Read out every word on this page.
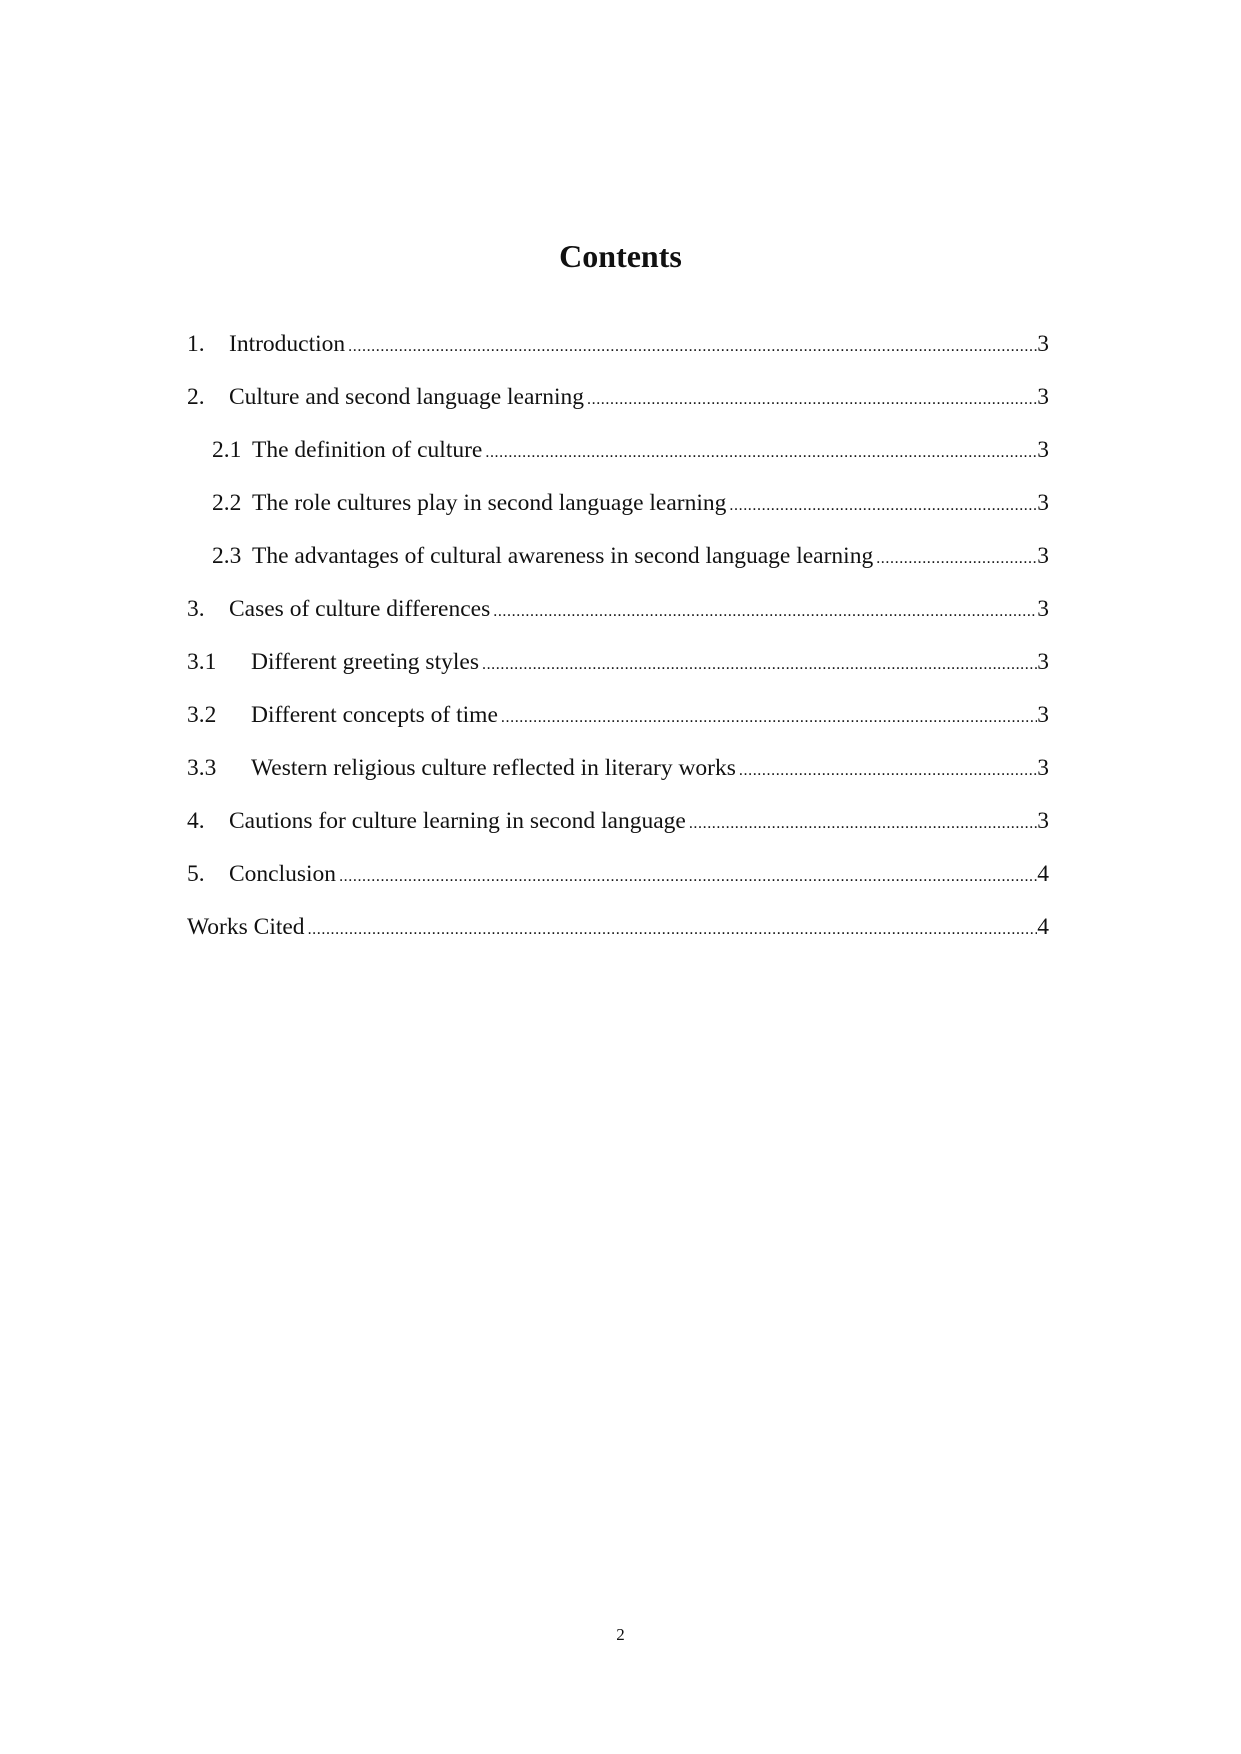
Contents
1.	Introduction .....	3
2.	Culture and second language learning .....	3
2.1 The definition of culture .....	3
2.2 The role cultures play in second language learning .....	3
2.3 The advantages of cultural awareness in second language learning .....	3
3.	Cases of culture differences .....	3
3.1	Different greeting styles .....	3
3.2	Different concepts of time .....	3
3.3	Western religious culture reflected in literary works .....	3
4.	Cautions for culture learning in second language .....	3
5.	Conclusion .....	4
Works Cited .....	4
2
